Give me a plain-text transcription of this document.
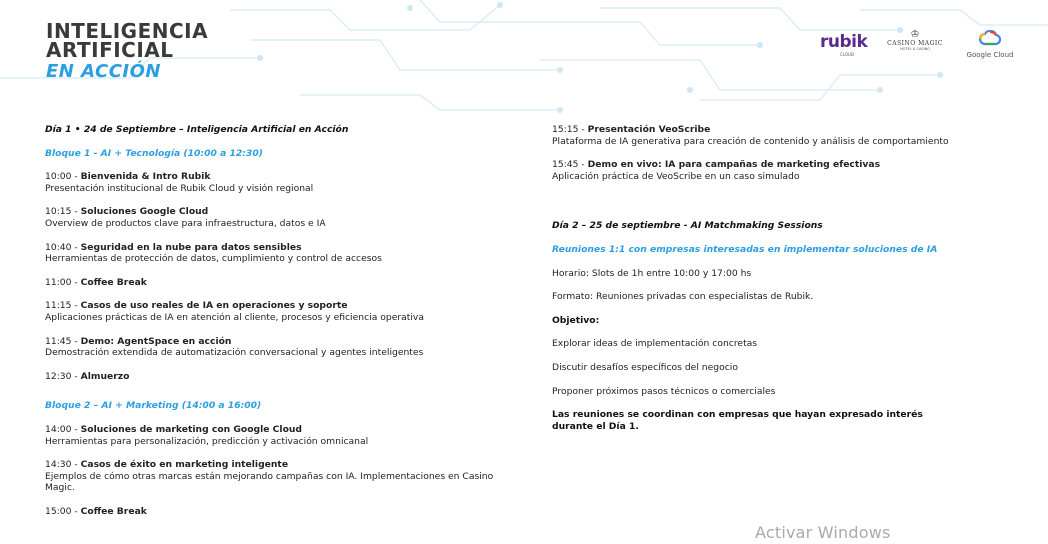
INTELIGENCIA
ARTIFICIAL
EN ACCIÓN
rubik
CLOUD
♔
CASINO MAGIC
HOTEL & CASINO
Google Cloud
Día 1 • 24 de Septiembre – Inteligencia Artificial en Acción
Bloque 1 - AI + Tecnología (10:00 a 12:30)
10:00 - Bienvenida & Intro Rubik
Presentación institucional de Rubik Cloud y visión regional
10:15 - Soluciones Google Cloud
Overview de productos clave para infraestructura, datos e IA
10:40 - Seguridad en la nube para datos sensibles
Herramientas de protección de datos, cumplimiento y control de accesos
11:00 - Coffee Break
11:15 - Casos de uso reales de IA en operaciones y soporte
Aplicaciones prácticas de IA en atención al cliente, procesos y eficiencia operativa
11:45 - Demo: AgentSpace en acción
Demostración extendida de automatización conversacional y agentes inteligentes
12:30 - Almuerzo
Bloque 2 – AI + Marketing (14:00 a 16:00)
14:00 - Soluciones de marketing con Google Cloud
Herramientas para personalización, predicción y activación omnicanal
14:30 - Casos de éxito en marketing inteligente
Ejemplos de cómo otras marcas están mejorando campañas con IA. Implementaciones en Casino Magic.
15:00 - Coffee Break
15:15 - Presentación VeoScribe
Plataforma de IA generativa para creación de contenido y análisis de comportamiento
15:45 - Demo en vivo: IA para campañas de marketing efectivas
Aplicación práctica de VeoScribe en un caso simulado
Día 2 – 25 de septiembre - AI Matchmaking Sessions
Reuniones 1:1 con empresas interesadas en implementar soluciones de IA
Horario: Slots de 1h entre 10:00 y 17:00 hs
Formato: Reuniones privadas con especialistas de Rubik.
Objetivo:
Explorar ideas de implementación concretas
Discutir desafíos específicos del negocio
Proponer próximos pasos técnicos o comerciales
Las reuniones se coordinan con empresas que hayan expresado interés durante el Día 1.
Activar Windows
